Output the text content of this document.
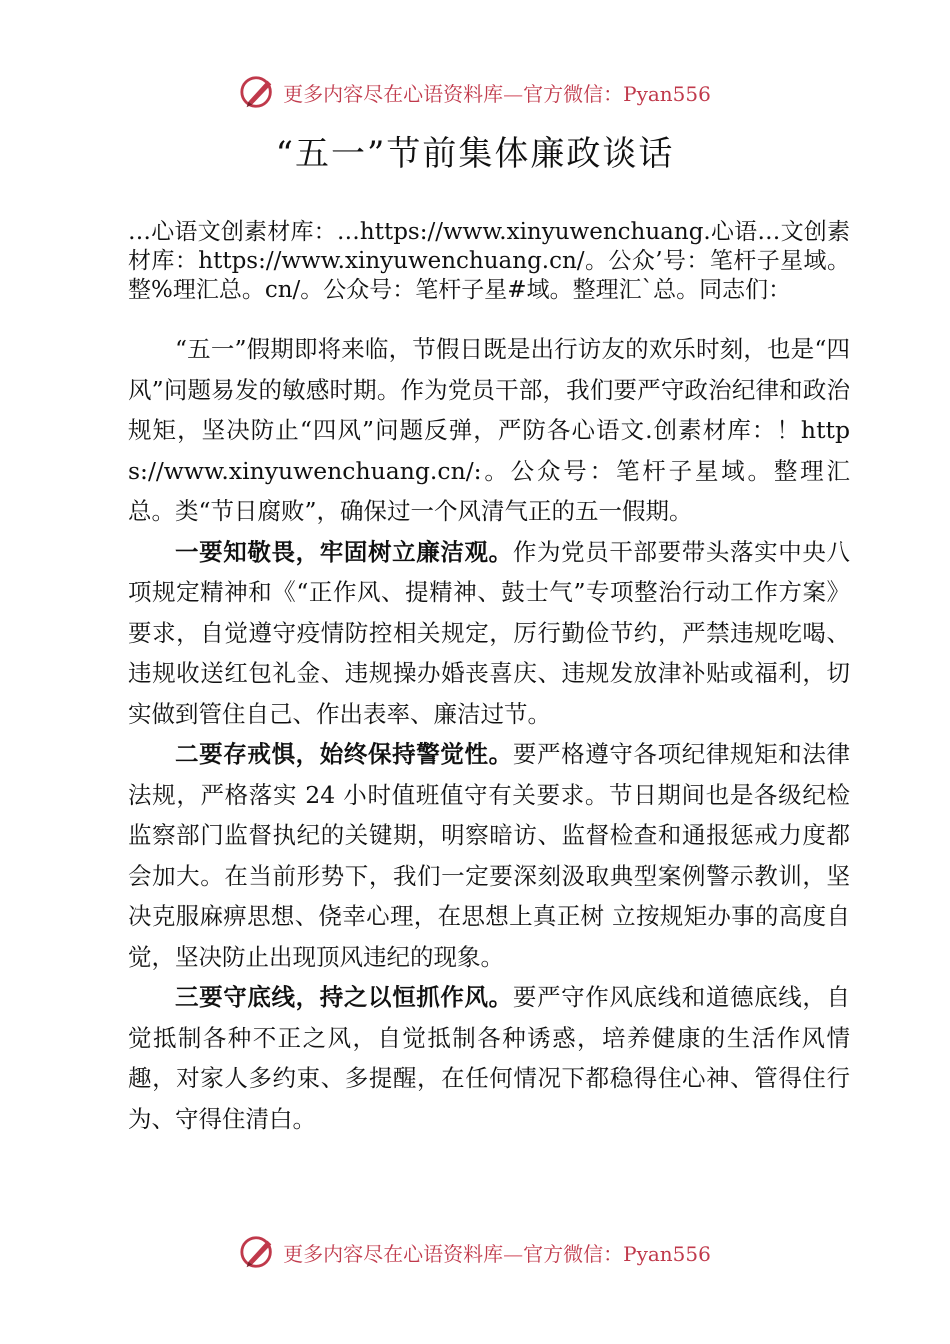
更多内容尽在心语资料库—官方微信：Pyan556
“五一”节前集体廉政谈话

…心语文创素材库：…https://www.xinyuwenchuang.心语…文创素材库：https://www.xinyuwenchuang.cn/。公众’号：笔杆子星域。整%理汇总。cn/。公众号：笔杆子星#域。整理汇`总。同志们：

“五一”假期即将来临，节假日既是出行访友的欢乐时刻，也是“四风”问题易发的敏感时期。作为党员干部，我们要严守政治纪律和政治规矩，坚决防止“四风”问题反弹，严防各心语文.创素材库：！https://www.xinyuwenchuang.cn/:。公众号：笔杆子星域。整理汇总。类“节日腐败”，确保过一个风清气正的五一假期。

一要知敬畏，牢固树立廉洁观。作为党员干部要带头落实中央八项规定精神和《“正作风、提精神、鼓士气”专项整治行动工作方案》要求，自觉遵守疫情防控相关规定，厉行勤俭节约，严禁违规吃喝、违规收送红包礼金、违规操办婚丧喜庆、违规发放津补贴或福利，切实做到管住自己、作出表率、廉洁过节。

二要存戒惧，始终保持警觉性。要严格遵守各项纪律规矩和法律法规，严格落实 24 小时值班值守有关要求。节日期间也是各级纪检监察部门监督执纪的关键期，明察暗访、监督检查和通报惩戒力度都会加大。在当前形势下，我们一定要深刻汲取典型案例警示教训，坚决克服麻痹思想、侥幸心理，在思想上真正树 立按规矩办事的高度自觉，坚决防止出现顶风违纪的现象。

三要守底线，持之以恒抓作风。要严守作风底线和道德底线，自觉抵制各种不正之风，自觉抵制各种诱惑，培养健康的生活作风情趣，对家人多约束、多提醒，在任何情况下都稳得住心神、管得住行为、守得住清白。

更多内容尽在心语资料库—官方微信：Pyan556
